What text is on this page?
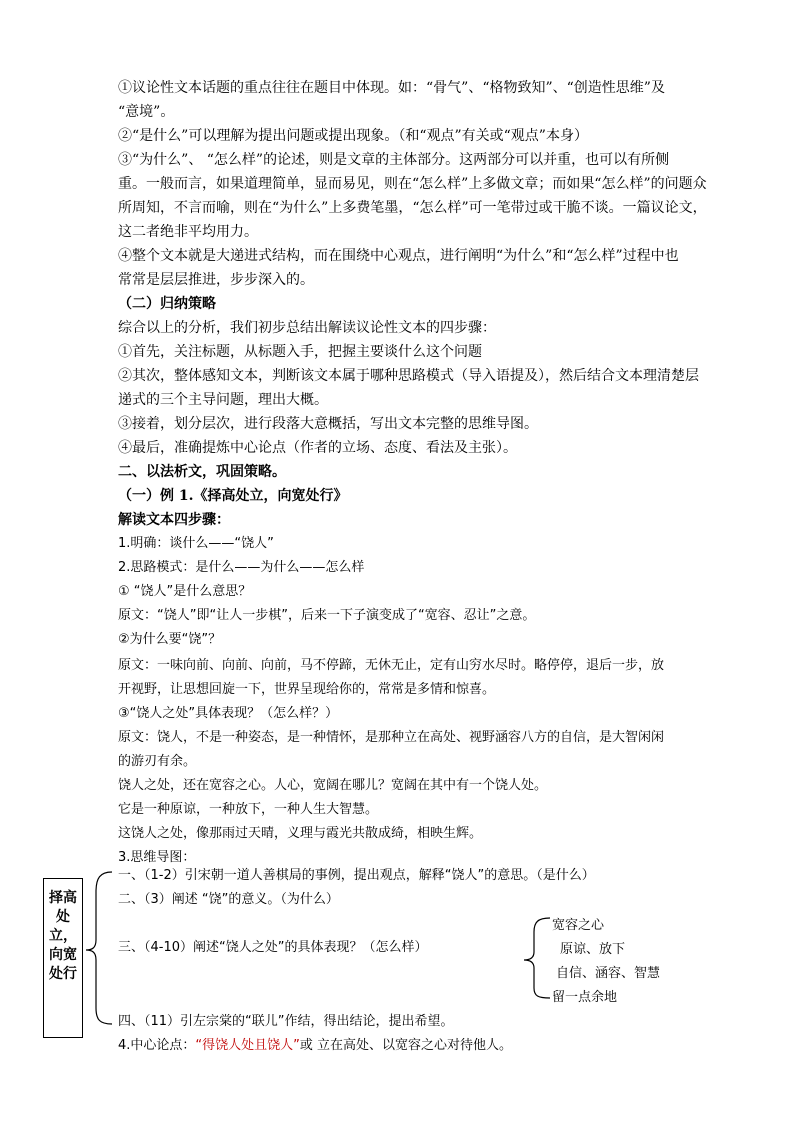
①议论性文本话题的重点往往在题目中体现。如：“骨气”、“格物致知”、“创造性思维”及
“意境”。
②“是什么”可以理解为提出问题或提出现象。（和“观点”有关或“观点”本身）
③“为什么”、 “怎么样”的论述，则是文章的主体部分。这两部分可以并重，也可以有所侧
重。一般而言，如果道理简单，显而易见，则在“怎么样”上多做文章；而如果“怎么样”的问题众
所周知，不言而喻，则在“为什么”上多费笔墨，“怎么样”可一笔带过或干脆不谈。一篇议论文，
这二者绝非平均用力。
④整个文本就是大递进式结构，而在围绕中心观点，进行阐明“为什么”和“怎么样”过程中也
常常是层层推进，步步深入的。
（二）归纳策略
综合以上的分析，我们初步总结出解读议论性文本的四步骤：
①首先，关注标题，从标题入手，把握主要谈什么这个问题
②其次，整体感知文本，判断该文本属于哪种思路模式（导入语提及），然后结合文本理清楚层
递式的三个主导问题，理出大概。
③接着，划分层次，进行段落大意概括，写出文本完整的思维导图。
④最后，准确提炼中心论点（作者的立场、态度、看法及主张）。
二、以法析文，巩固策略。
（一）例 1.《择高处立，向宽处行》
解读文本四步骤：
1.明确：谈什么——“饶人”
2.思路模式：是什么——为什么——怎么样
① “饶人”是什么意思？
原文：“饶人”即“让人一步棋”，后来一下子演变成了“宽容、忍让”之意。
②为什么要“饶”？
原文：一味向前、向前、向前，马不停蹄，无休无止，定有山穷水尽时。略停停，退后一步，放
开视野，让思想回旋一下，世界呈现给你的，常常是多情和惊喜。
③“饶人之处”具体表现？（怎么样？）
原文：饶人，不是一种姿态，是一种情怀，是那种立在高处、视野涵容八方的自信，是大智闲闲
的游刃有余。
饶人之处，还在宽容之心。人心，宽阔在哪儿？宽阔在其中有一个饶人处。
它是一种原谅，一种放下，一种人生大智慧。
这饶人之处，像那雨过天晴，义理与霞光共散成绮，相映生辉。
3.思维导图：
择高处立，向宽处行
一、（1-2）引宋朝一道人善棋局的事例，提出观点，解释“饶人”的意思。（是什么）
二、（3）阐述 “饶”的意义。（为什么）
三、（4-10）阐述“饶人之处”的具体表现？（怎么样）
四、（11）引左宗棠的“联儿”作结，得出结论，提出希望。
宽容之心
原谅、放下
自信、涵容、智慧
留一点余地
4.中心论点：“得饶人处且饶人”或 立在高处、以宽容之心对待他人。
